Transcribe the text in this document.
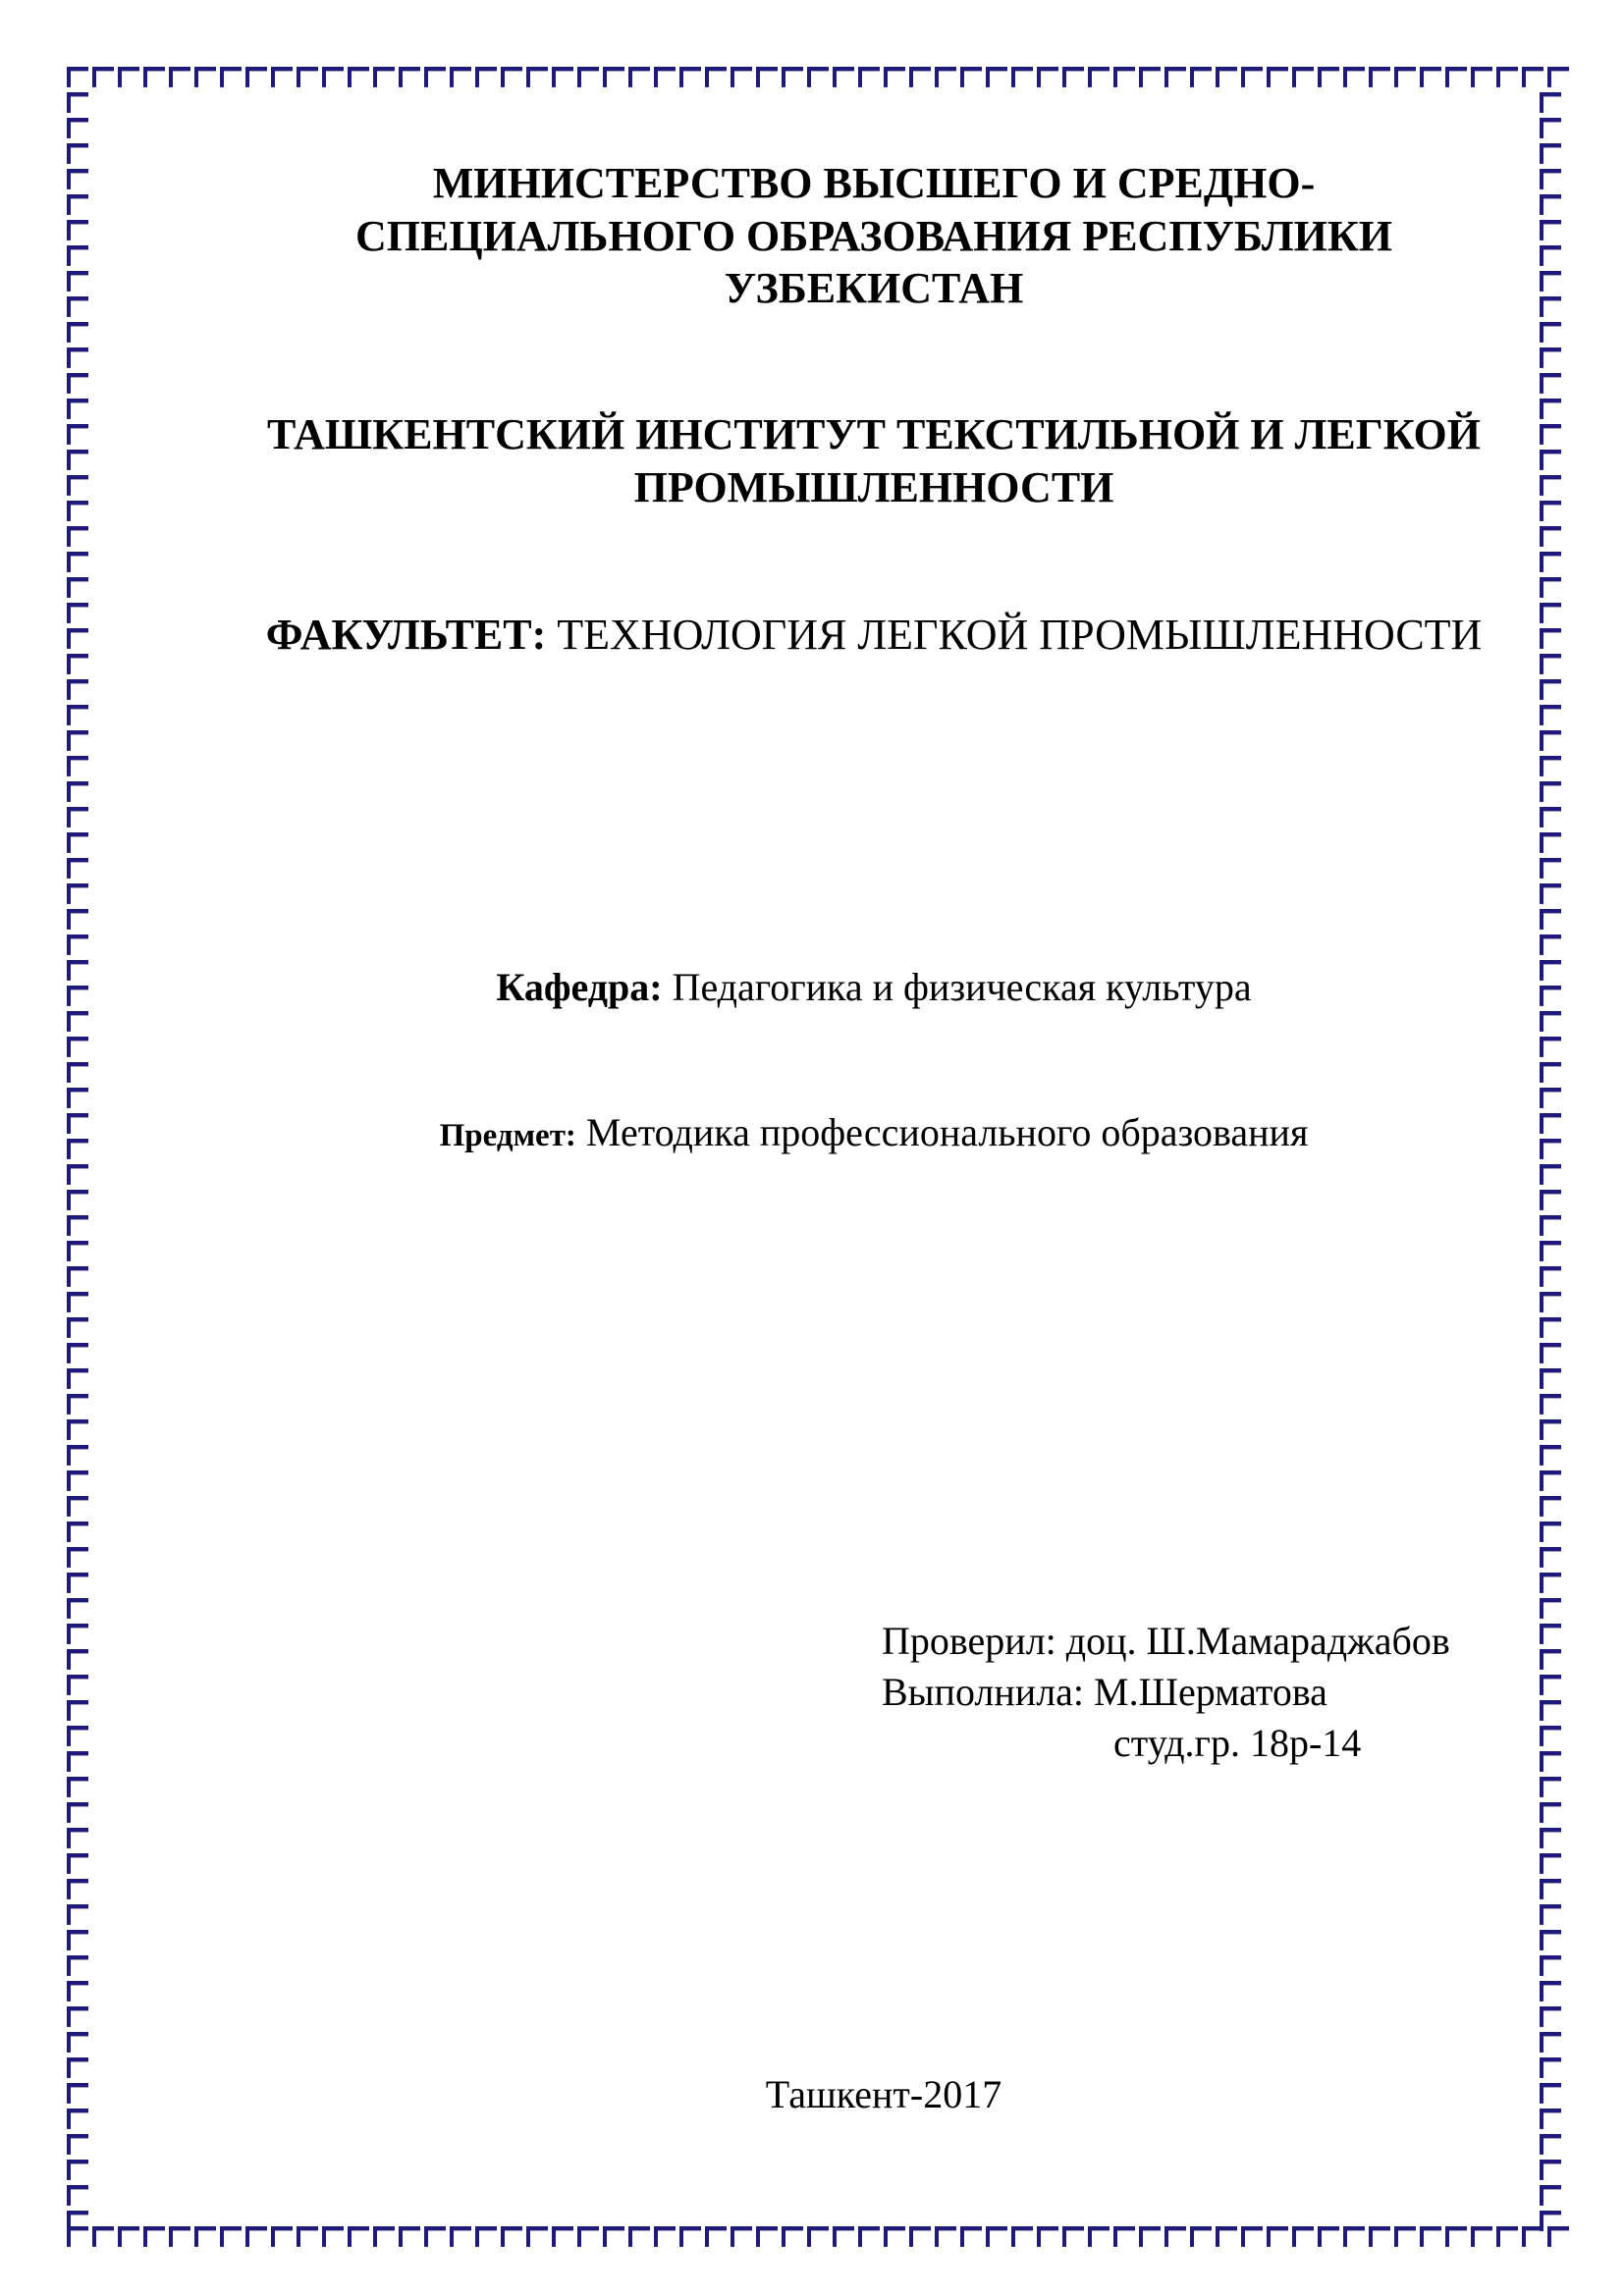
МИНИСТЕРСТВО ВЫСШЕГО И СРЕДНО-
СПЕЦИАЛЬНОГО ОБРАЗОВАНИЯ РЕСПУБЛИКИ
УЗБЕКИСТАН
ТАШКЕНТСКИЙ ИНСТИТУТ ТЕКСТИЛЬНОЙ И ЛЕГКОЙ
ПРОМЫШЛЕННОСТИ
ФАКУЛЬТЕТ: ТЕХНОЛОГИЯ ЛЕГКОЙ ПРОМЫШЛЕННОСТИ
Кафедра: Педагогика и физическая культура
Предмет: Методика профессионального образования
Проверил: доц. Ш.Мамараджабов
Выполнила: М.Шерматова
студ.гр. 18р-14
Ташкент-2017
